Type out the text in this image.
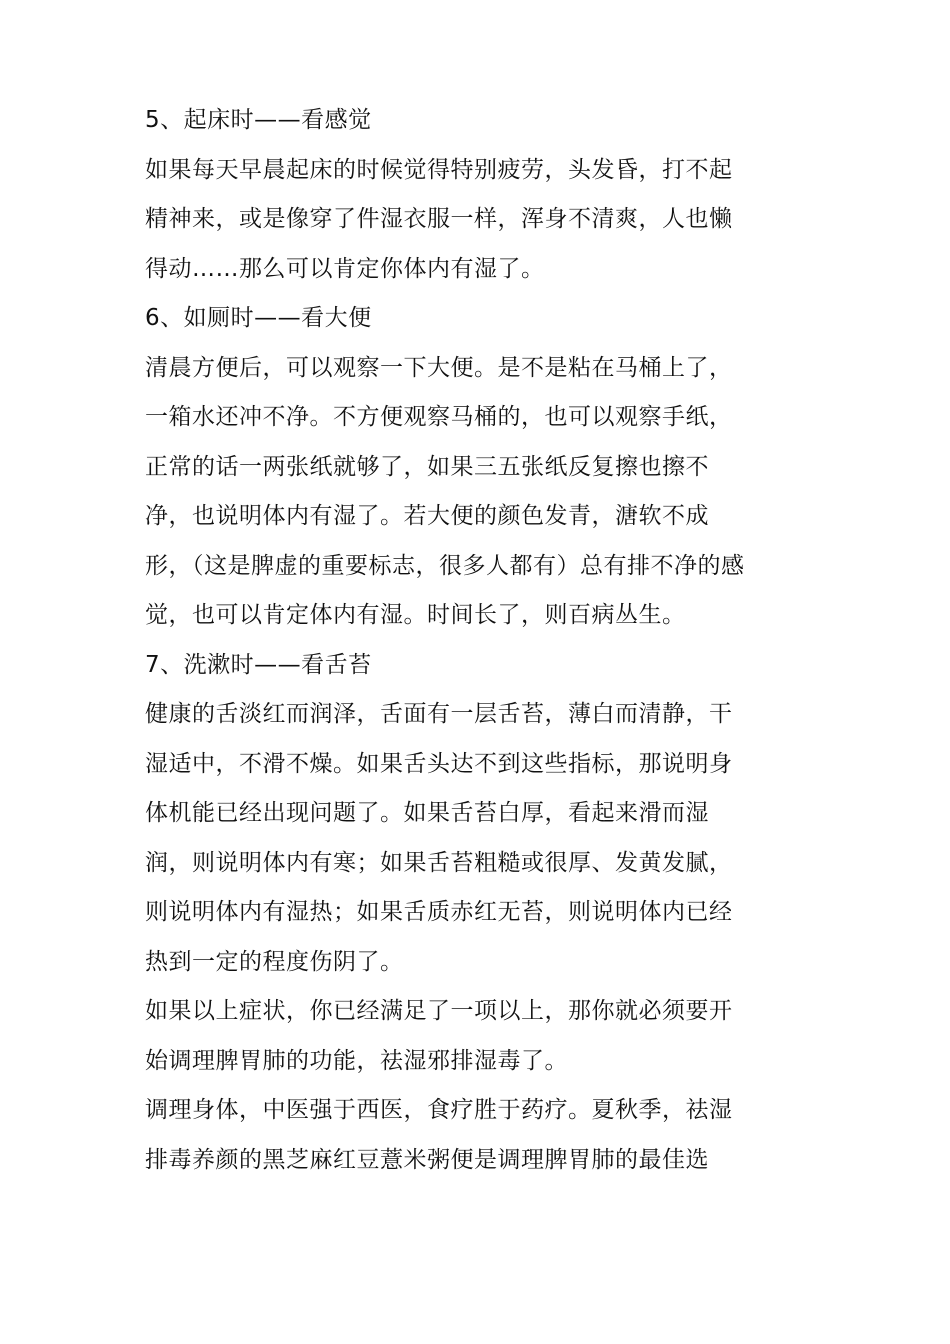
5、起床时——看感觉
如果每天早晨起床的时候觉得特别疲劳，头发昏，打不起
精神来，或是像穿了件湿衣服一样，浑身不清爽，人也懒
得动……那么可以肯定你体内有湿了。
6、如厕时——看大便
清晨方便后，可以观察一下大便。是不是粘在马桶上了，
一箱水还冲不净。不方便观察马桶的，也可以观察手纸，
正常的话一两张纸就够了，如果三五张纸反复擦也擦不
净，也说明体内有湿了。若大便的颜色发青，溏软不成
形，（这是脾虚的重要标志，很多人都有）总有排不净的感
觉，也可以肯定体内有湿。时间长了，则百病丛生。
7、洗漱时——看舌苔
健康的舌淡红而润泽，舌面有一层舌苔，薄白而清静，干
湿适中，不滑不燥。如果舌头达不到这些指标，那说明身
体机能已经出现问题了。如果舌苔白厚，看起来滑而湿
润，则说明体内有寒；如果舌苔粗糙或很厚、发黄发腻，
则说明体内有湿热；如果舌质赤红无苔，则说明体内已经
热到一定的程度伤阴了。
如果以上症状，你已经满足了一项以上，那你就必须要开
始调理脾胃肺的功能，祛湿邪排湿毒了。
调理身体，中医强于西医，食疗胜于药疗。夏秋季，祛湿
排毒养颜的黑芝麻红豆薏米粥便是调理脾胃肺的最佳选
